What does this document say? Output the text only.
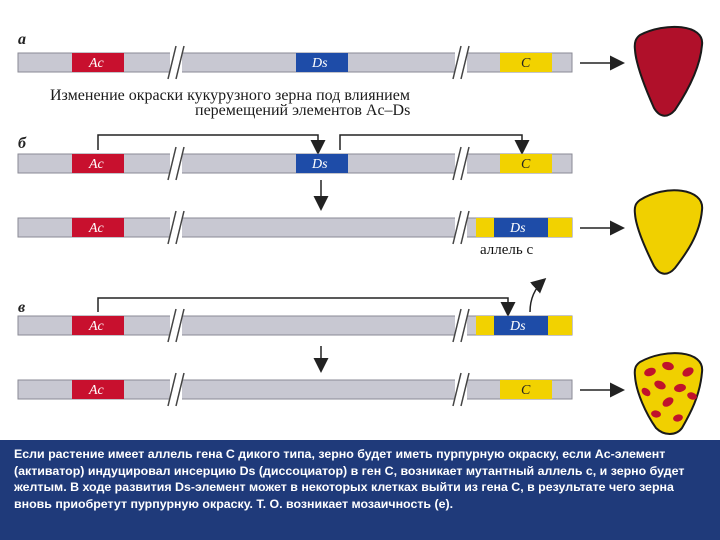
Изменение окраски кукурузного зерна под влиянием
перемещений элементов Ac–Ds
а
б
в
Ac	Ds	C
Ac	Ds	C
Ac	Ds
аллель с
Ac	Ds
Ac	C

Если растение имеет аллель гена C дикого типа, зерно будет иметь пурпурную окраску, если Ac-элемент (активатор) индуцировал инсерцию Ds (диссоциатор) в ген C, возникает мутантный аллель c, и зерно будет желтым. В ходе развития Ds-элемент может в некоторых клетках выйти из гена C, в результате чего зерна вновь приобретут пурпурную окраску. Т. О. возникает мозаичность (е).
